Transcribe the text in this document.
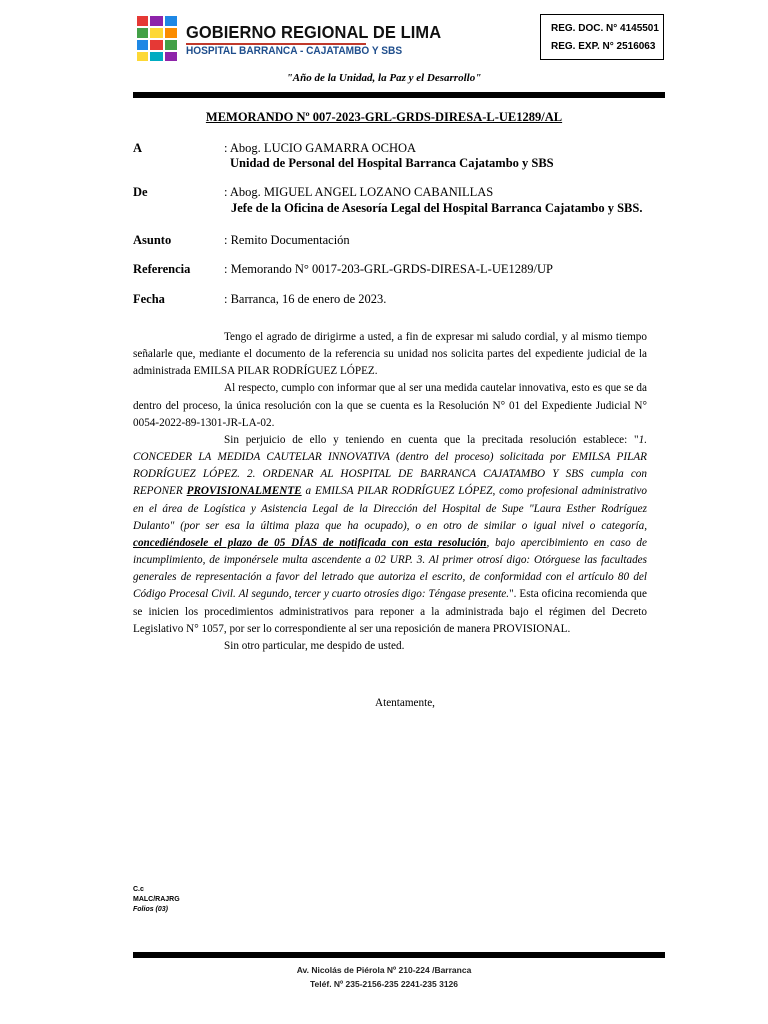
GOBIERNO REGIONAL DE LIMA
HOSPITAL BARRANCA - CAJATAMBO Y SBS
REG. DOC. N° 4145501
REG. EXP. N° 2516063
"Año de la Unidad, la Paz y el Desarrollo"
MEMORANDO Nº 007-2023-GRL-GRDS-DIRESA-L-UE1289/AL
A	: Abog. LUCIO GAMARRA OCHOA
Unidad de Personal del Hospital Barranca Cajatambo y SBS
De	: Abog. MIGUEL ANGEL LOZANO CABANILLAS
Jefe de la Oficina de Asesoría Legal del Hospital Barranca Cajatambo y SBS.
Asunto	: Remito Documentación
Referencia	: Memorando N° 0017-203-GRL-GRDS-DIRESA-L-UE1289/UP
Fecha	: Barranca, 16 de enero de 2023.

Tengo el agrado de dirigirme a usted, a fin de expresar mi saludo cordial, y al mismo tiempo señalarle que, mediante el documento de la referencia su unidad nos solicita partes del expediente judicial de la administrada EMILSA PILAR RODRÍGUEZ LÓPEZ.

Al respecto, cumplo con informar que al ser una medida cautelar innovativa, esto es que se da dentro del proceso, la única resolución con la que se cuenta es la Resolución N° 01 del Expediente Judicial N° 0054-2022-89-1301-JR-LA-02.

Sin perjuicio de ello y teniendo en cuenta que la precitada resolución establece: "1. CONCEDER LA MEDIDA CAUTELAR INNOVATIVA (dentro del proceso) solicitada por EMILSA PILAR RODRÍGUEZ LÓPEZ. 2. ORDENAR AL HOSPITAL DE BARRANCA CAJATAMBO Y SBS cumpla con REPONER PROVISIONALMENTE a EMILSA PILAR RODRÍGUEZ LÓPEZ, como profesional administrativo en el área de Logística y Asistencia Legal de la Dirección del Hospital de Supe "Laura Esther Rodríguez Dulanto" (por ser esa la última plaza que ha ocupado), o en otro de similar o igual nivel o categoría, concediéndosele el plazo de 05 DÍAS de notificada con esta resolución, bajo apercibimiento en caso de incumplimiento, de imponérsele multa ascendente a 02 URP. 3. Al primer otrosí digo: Otórguese las facultades generales de representación a favor del letrado que autoriza el escrito, de conformidad con el artículo 80 del Código Procesal Civil. Al segundo, tercer y cuarto otrosíes digo: Téngase presente.". Esta oficina recomienda que se inicien los procedimientos administrativos para reponer a la administrada bajo el régimen del Decreto Legislativo N° 1057, por ser lo correspondiente al ser una reposición de manera PROVISIONAL.

Sin otro particular, me despido de usted.

Atentamente,
C.c
MALC/RAJRG
Folios (03)
Av. Nicolás de Piérola Nº 210-224 /Barranca
Teléf. Nº 235-2156-235 2241-235 3126
